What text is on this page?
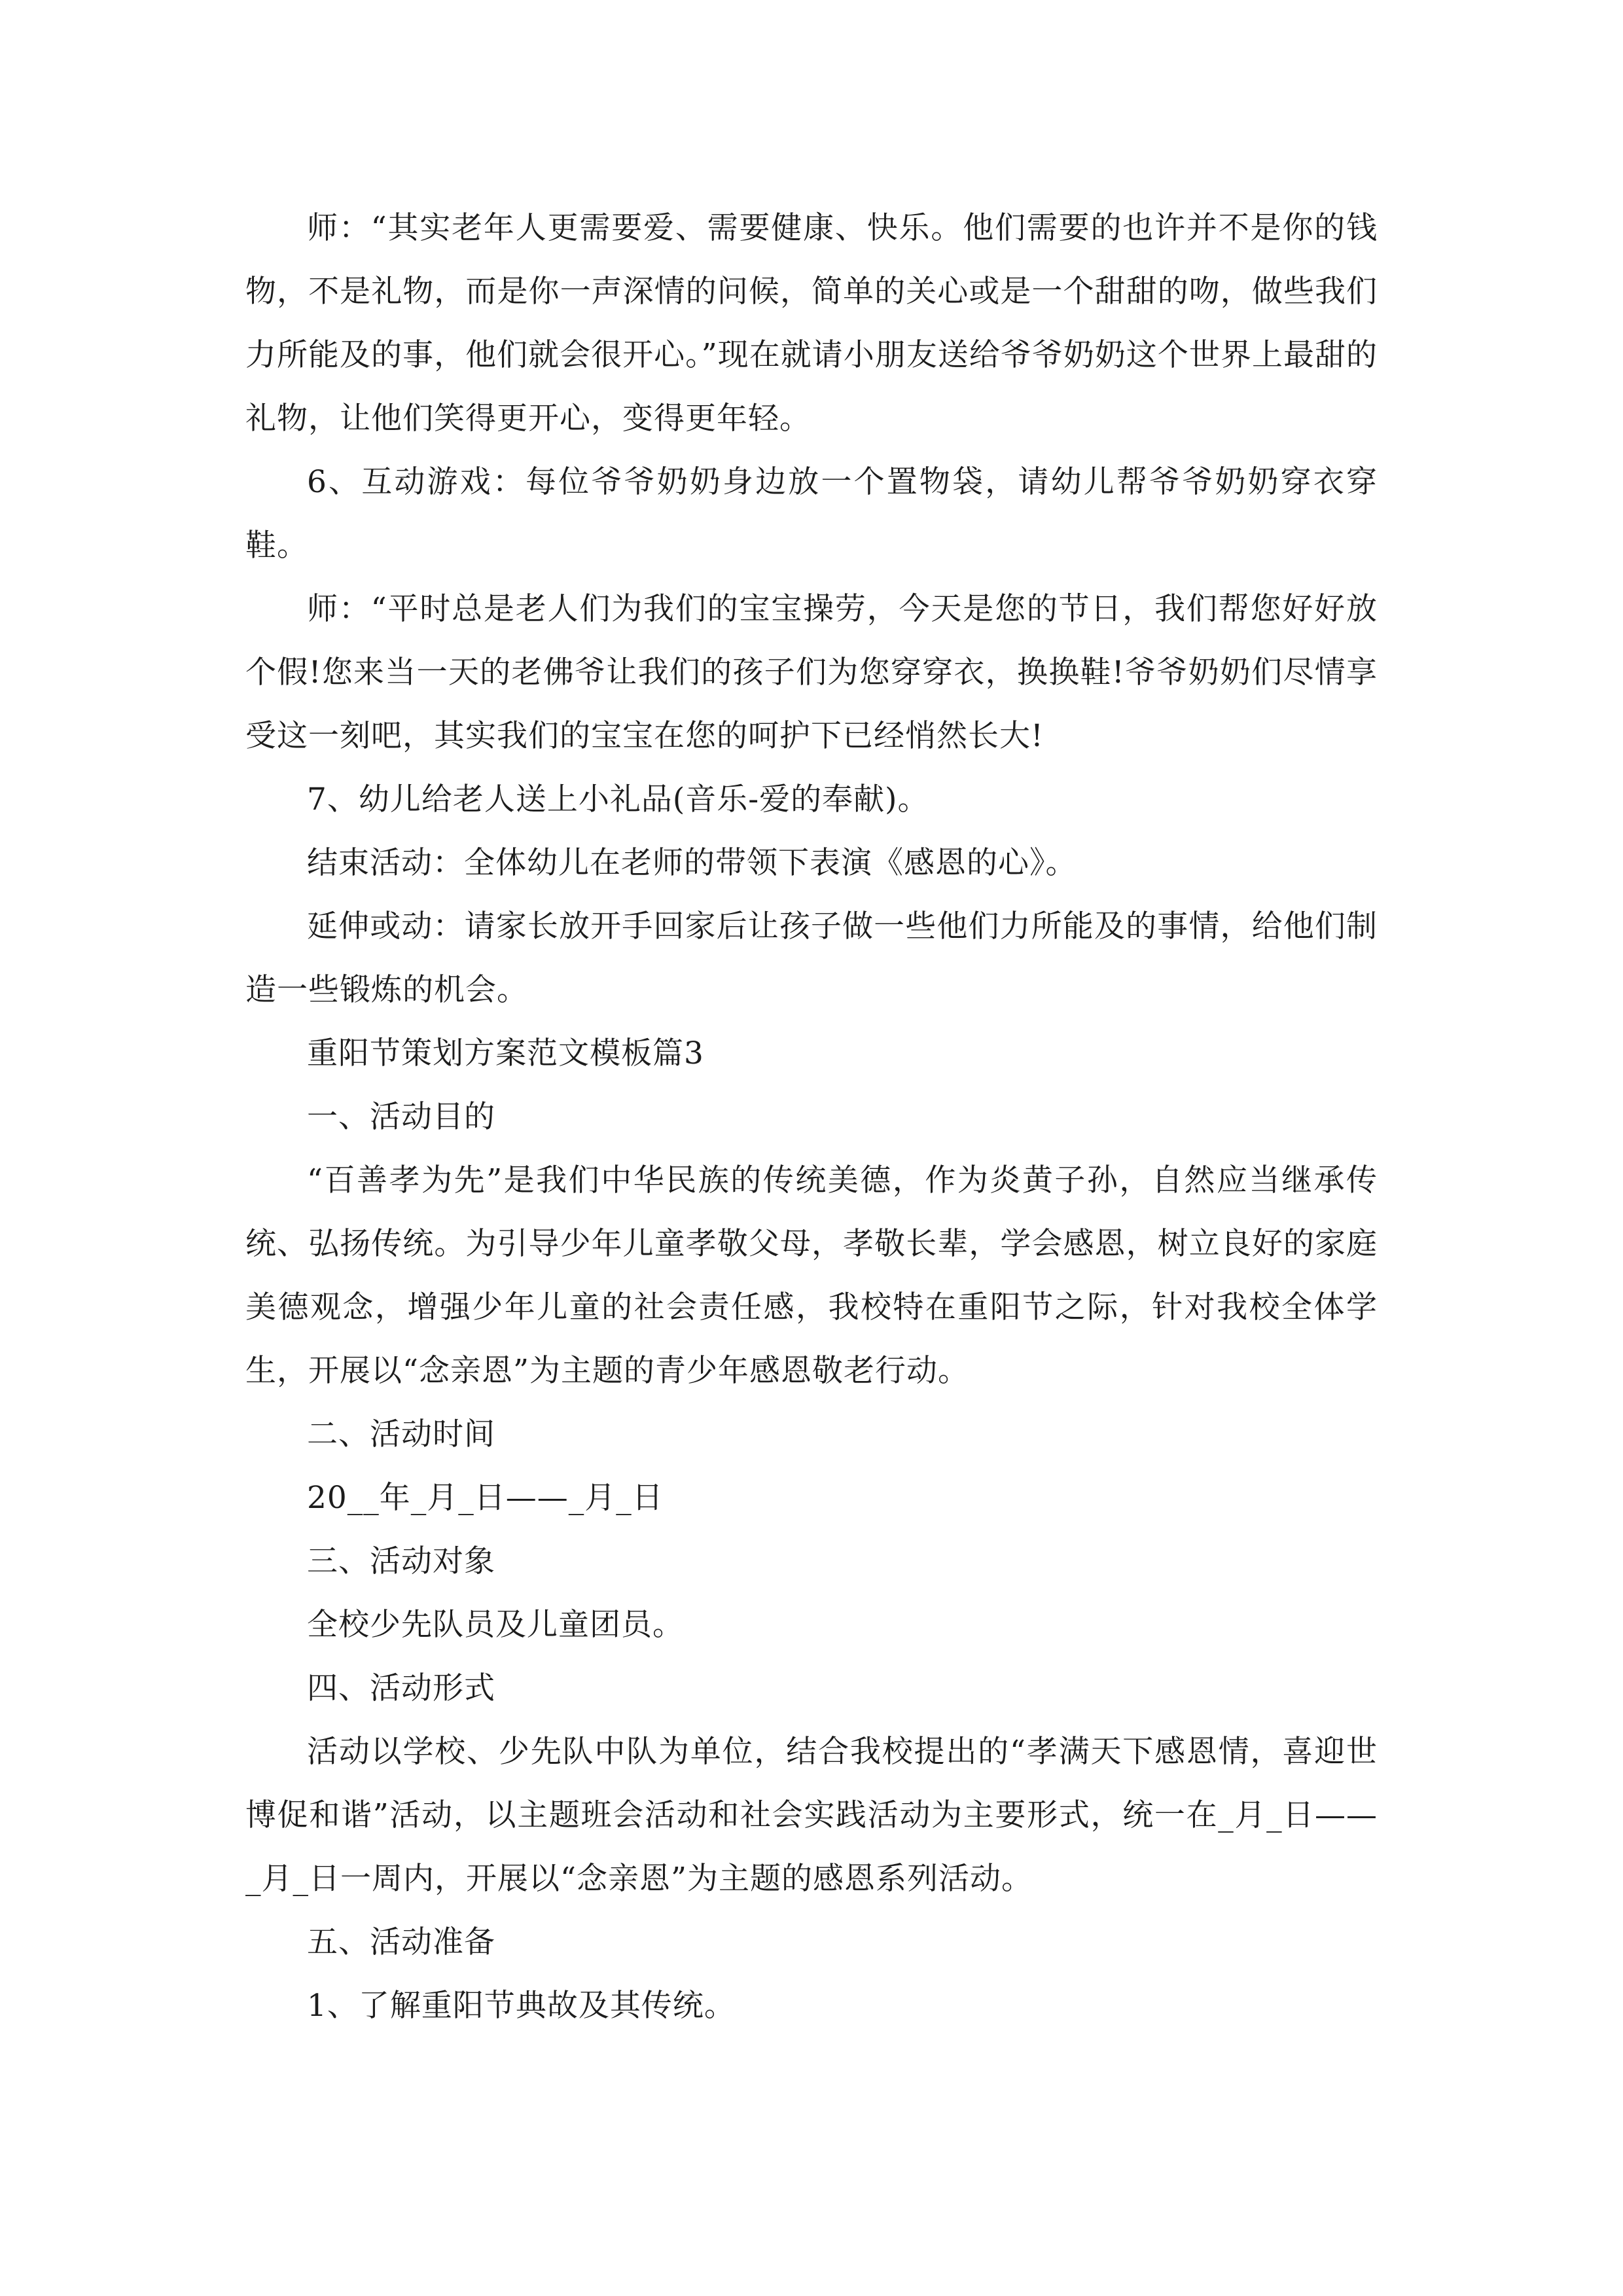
师：“其实老年人更需要爱、需要健康、快乐。他们需要的也许并不是你的钱物，不是礼物，而是你一声深情的问候，简单的关心或是一个甜甜的吻，做些我们力所能及的事，他们就会很开心。”现在就请小朋友送给爷爷奶奶这个世界上最甜的礼物，让他们笑得更开心，变得更年轻。

6、互动游戏：每位爷爷奶奶身边放一个置物袋，请幼儿帮爷爷奶奶穿衣穿鞋。

师：“平时总是老人们为我们的宝宝操劳，今天是您的节日，我们帮您好好放个假!您来当一天的老佛爷让我们的孩子们为您穿穿衣，换换鞋!爷爷奶奶们尽情享受这一刻吧，其实我们的宝宝在您的呵护下已经悄然长大!

7、幼儿给老人送上小礼品(音乐-爱的奉献)。

结束活动：全体幼儿在老师的带领下表演《感恩的心》。

延伸或动：请家长放开手回家后让孩子做一些他们力所能及的事情，给他们制造一些锻炼的机会。

重阳节策划方案范文模板篇3

一、活动目的

“百善孝为先”是我们中华民族的传统美德，作为炎黄子孙，自然应当继承传统、弘扬传统。为引导少年儿童孝敬父母，孝敬长辈，学会感恩，树立良好的家庭美德观念，增强少年儿童的社会责任感，我校特在重阳节之际，针对我校全体学生，开展以“念亲恩”为主题的青少年感恩敬老行动。

二、活动时间

20__年_月_日——_月_日

三、活动对象

全校少先队员及儿童团员。

四、活动形式

活动以学校、少先队中队为单位，结合我校提出的“孝满天下感恩情，喜迎世博促和谐”活动，以主题班会活动和社会实践活动为主要形式，统一在_月_日——_月_日一周内，开展以“念亲恩”为主题的感恩系列活动。

五、活动准备

1、了解重阳节典故及其传统。
